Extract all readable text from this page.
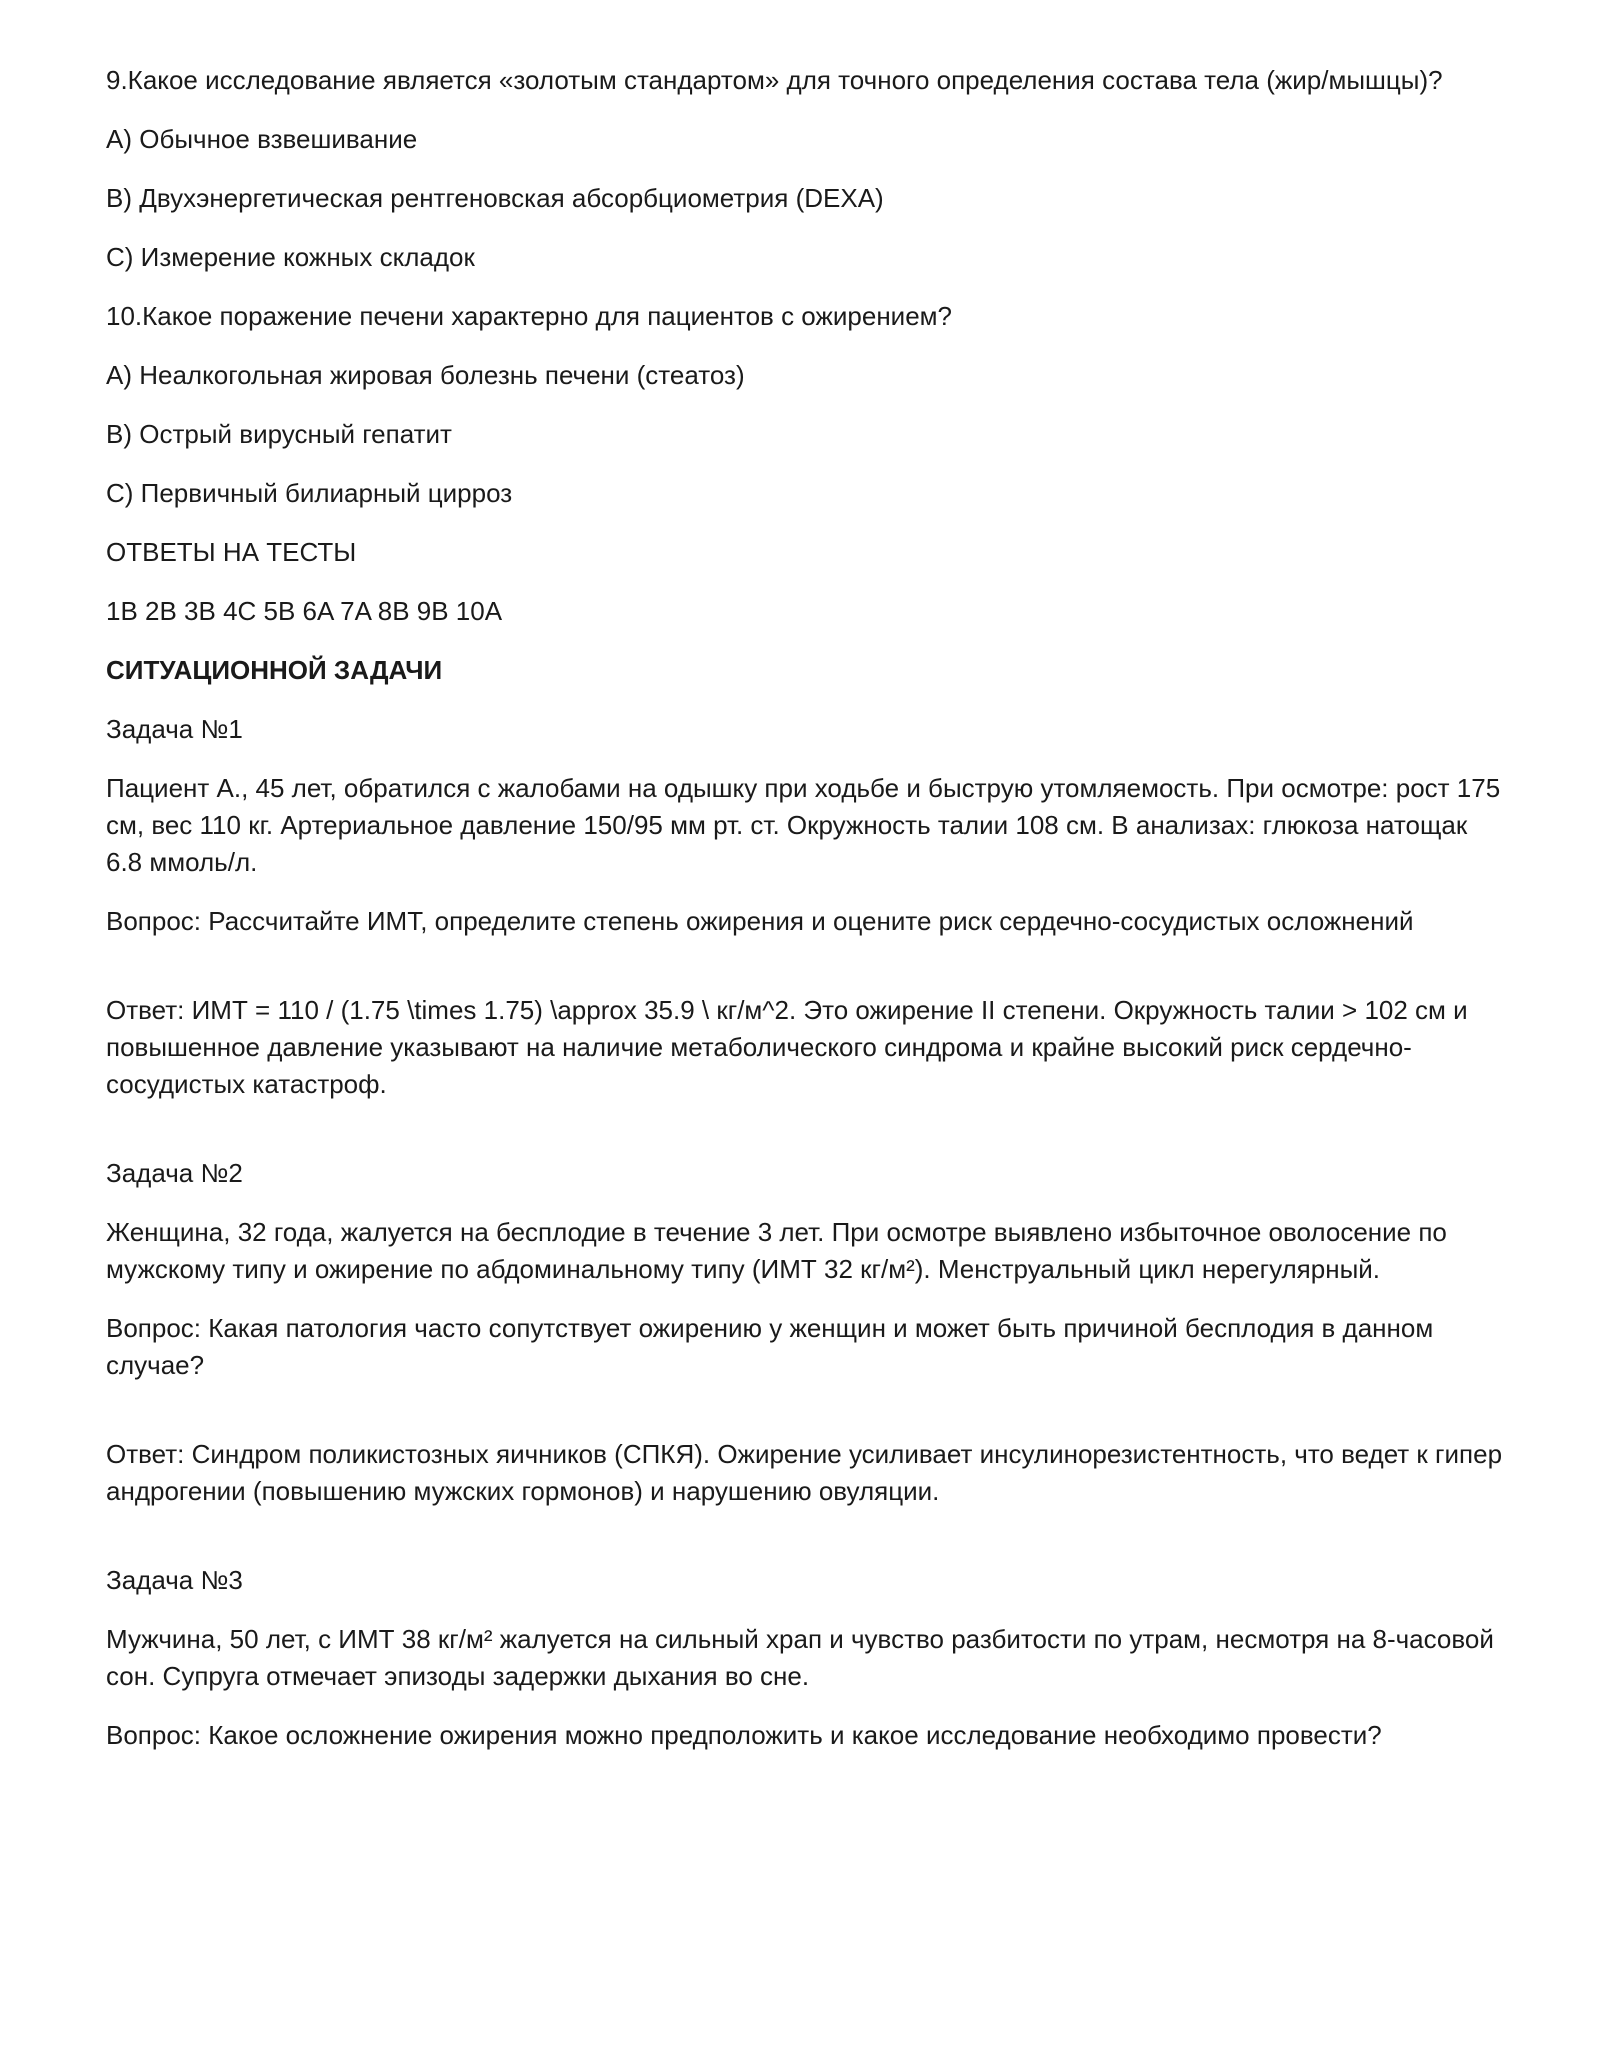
9.Какое исследование является «золотым стандартом» для точного определения состава тела (жир/мышцы)?

A) Обычное взвешивание

B) Двухэнергетическая рентгеновская абсорбциометрия (DEXA)

C) Измерение кожных складок

10.Какое поражение печени характерно для пациентов с ожирением?

A) Неалкогольная жировая болезнь печени (стеатоз)

B) Острый вирусный гепатит

C) Первичный билиарный цирроз

ОТВЕТЫ НА ТЕСТЫ

1B 2B 3B 4C 5B 6A 7A 8B 9B 10A

СИТУАЦИОННОЙ ЗАДАЧИ

Задача №1

Пациент А., 45 лет, обратился с жалобами на одышку при ходьбе и быструю утомляемость. При осмотре: рост 175 см, вес 110 кг. Артериальное давление 150/95 мм рт. ст. Окружность талии 108 см. В анализах: глюкоза натощак 6.8 ммоль/л.

Вопрос: Рассчитайте ИМТ, определите степень ожирения и оцените риск сердечно-сосудистых осложнений

Ответ: ИМТ = 110 / (1.75 \times 1.75) \approx 35.9 \ кг/м^2. Это ожирение II степени. Окружность талии > 102 см и повышенное давление указывают на наличие метаболического синдрома и крайне высокий риск сердечно-сосудистых катастроф.

Задача №2

Женщина, 32 года, жалуется на бесплодие в течение 3 лет. При осмотре выявлено избыточное оволосение по мужскому типу и ожирение по абдоминальному типу (ИМТ 32 кг/м²). Менструальный цикл нерегулярный.

Вопрос: Какая патология часто сопутствует ожирению у женщин и может быть причиной бесплодия в данном случае?

Ответ: Синдром поликистозных яичников (СПКЯ). Ожирение усиливает инсулинорезистентность, что ведет к гипер андрогении (повышению мужских гормонов) и нарушению овуляции.

Задача №3

Мужчина, 50 лет, с ИМТ 38 кг/м² жалуется на сильный храп и чувство разбитости по утрам, несмотря на 8-часовой сон. Супруга отмечает эпизоды задержки дыхания во сне.

Вопрос: Какое осложнение ожирения можно предположить и какое исследование необходимо провести?
